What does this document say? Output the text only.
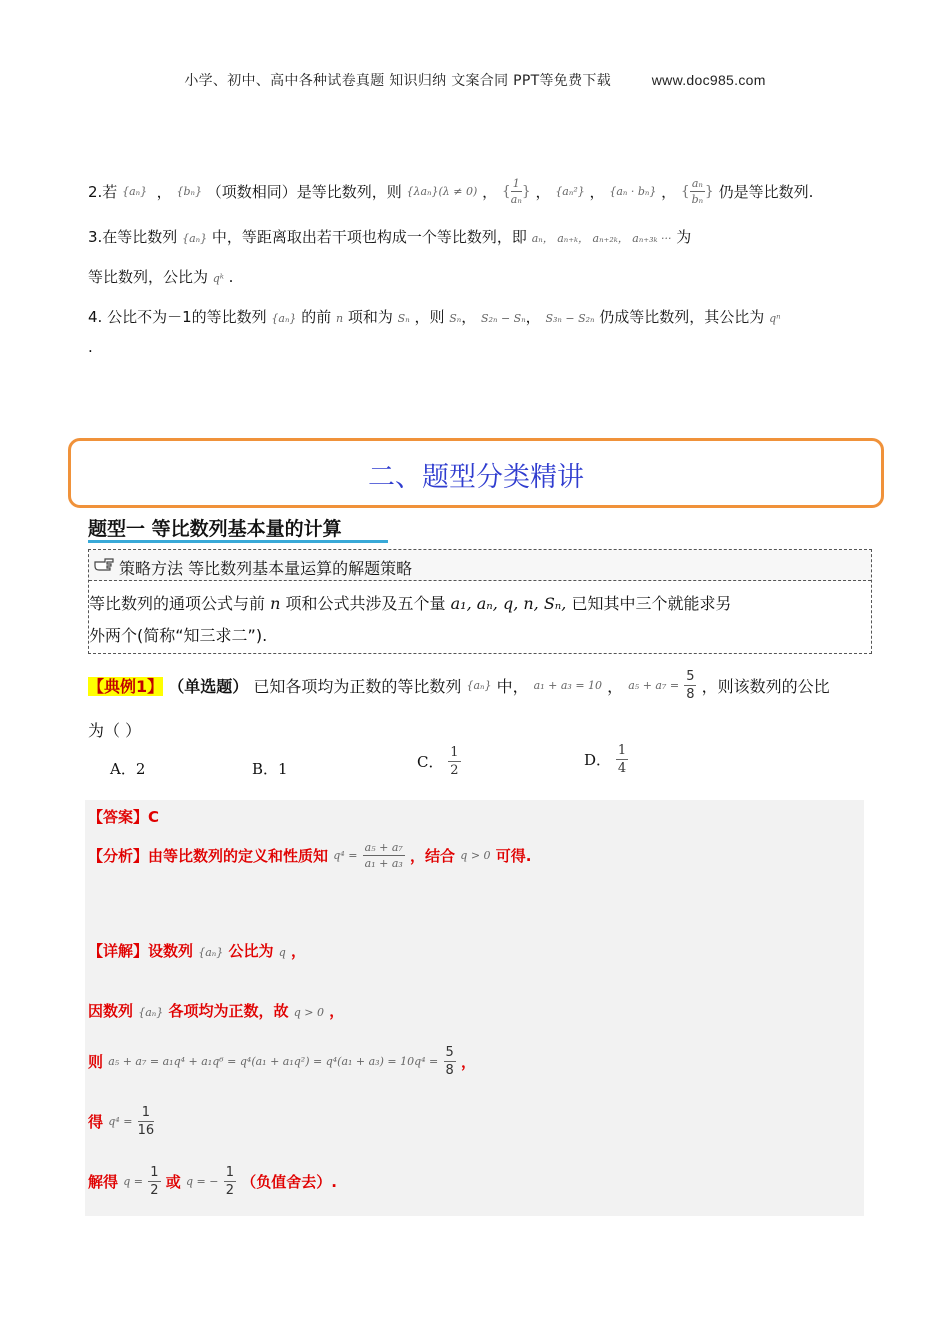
小学、初中、高中各种试卷真题 知识归纳 文案合同 PPT等免费下载	www.doc985.com
2.若 {aₙ}  ， {bₙ} （项数相同）是等比数列，则 {λaₙ}(λ ≠ 0) ， { $\frac{1}{\text{aₙ}}$ } ， {aₙ²} ， {aₙ · bₙ} ， { $\frac{\text{aₙ}}{\text{bₙ}}$ } 仍是等比数列.
3.在等比数列 {aₙ} 中，等距离取出若干项也构成一个等比数列，即 aₙ， aₙ₊ₖ， aₙ₊₂ₖ， aₙ₊₃ₖ ··· 为
等比数列，公比为 qᵏ .
4. 公比不为－1的等比数列 {aₙ} 的前 n 项和为 Sₙ ，则 Sₙ， S₂ₙ − Sₙ， S₃ₙ − S₂ₙ 仍成等比数列，其公比为 qⁿ
.
二、题型分类精讲
题型一 等比数列基本量的计算
策略方法 等比数列基本量运算的解题策略
等比数列的通项公式与前 n 项和公式共涉及五个量 a₁, aₙ, q, n, Sₙ, 已知其中三个就能求另
外两个(简称“知三求二”).
【典例1】 （单选题） 已知各项均为正数的等比数列 {aₙ} 中， a₁ + a₃ = 10 ， $a_5 + a_7 = \frac{5}{8}$ ，则该数列的公比
为（ ）
A．2	B．1	C． $\frac{1}{2}$	D． $\frac{1}{4}$
【答案】C
【分析】由等比数列的定义和性质知 $q^4 = \frac{\text{a₅ + a₇}}{\text{a₁ + a₃}}$ ，结合 q > 0 可得.
【详解】设数列 {aₙ} 公比为 q ，
因数列 {aₙ} 各项均为正数，故 q > 0 ，
则 $a_5 + a_7 = a_1q^4 + a_1q^6 = q^4(a_1 + a_1q^2) = q^4(a_1 + a_3) = 10q^4 = \frac{5}{8}$ ，
得 $q^4 = \frac{1}{16}$
解得 $q = \frac{1}{2}$ 或 q = − $\frac{1}{2}$ （负值舍去）.
